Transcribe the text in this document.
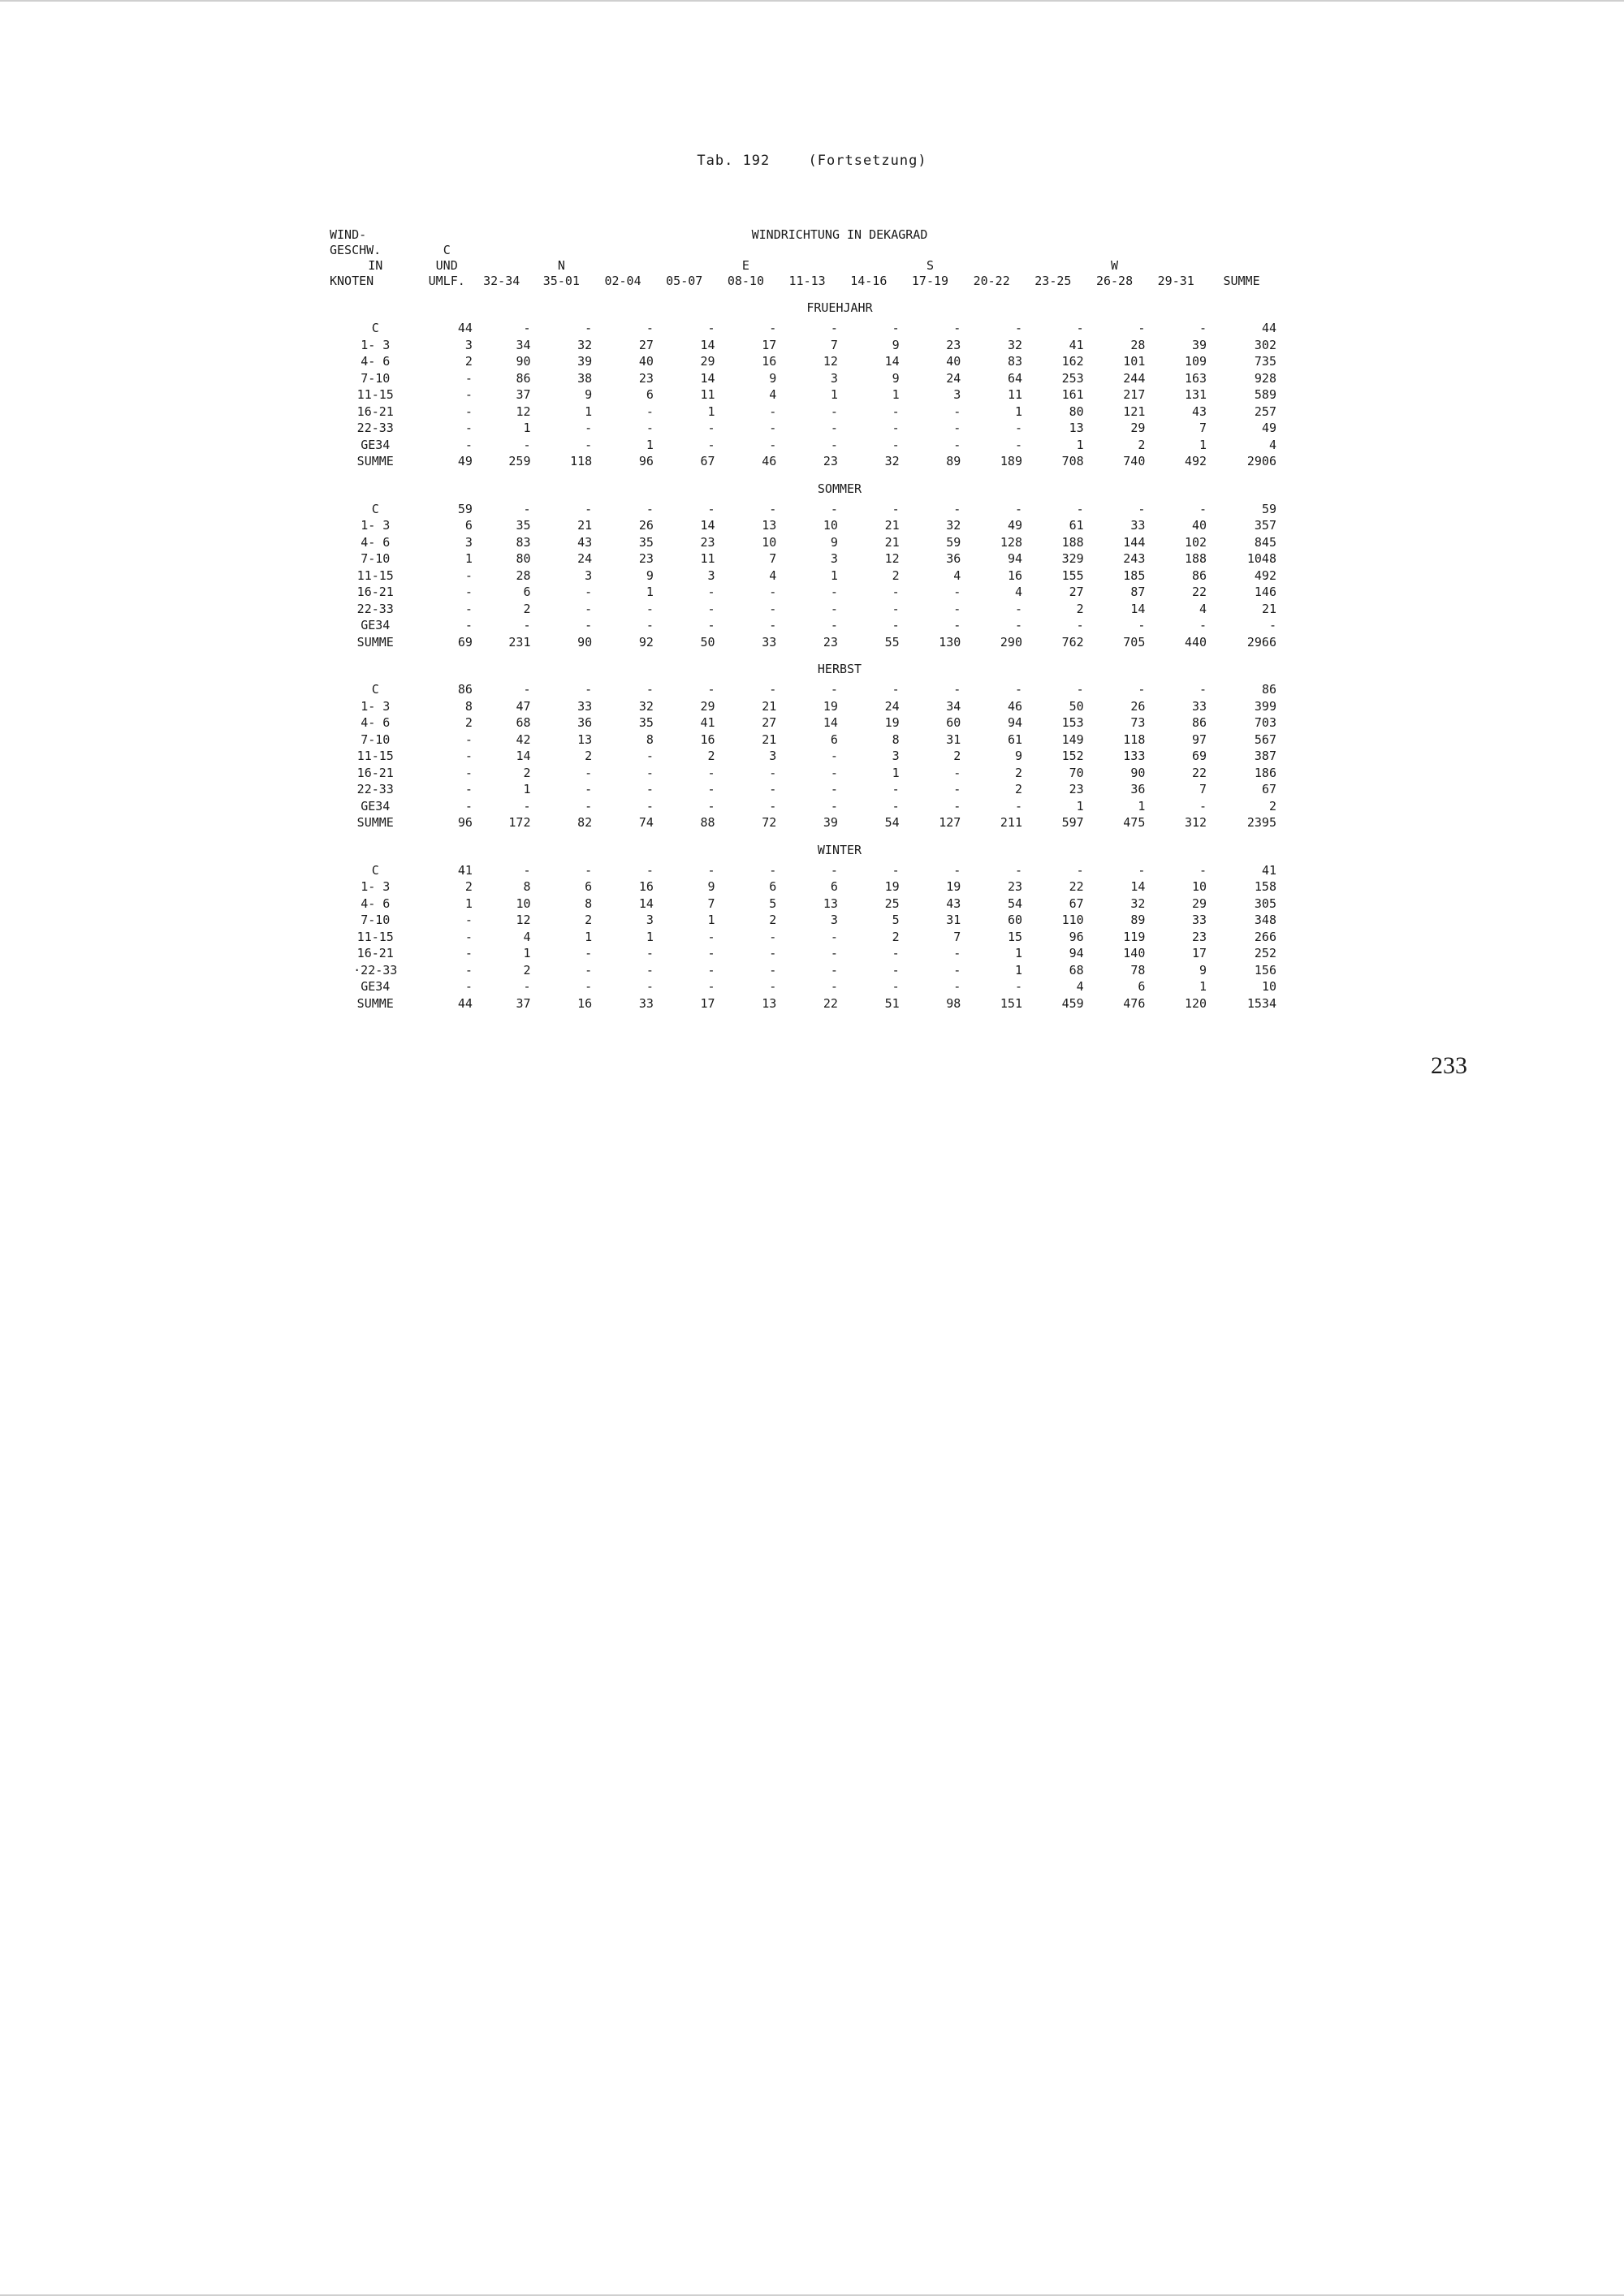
Tab. 192	(Fortsetzung)
WIND-		WINDRICHTUNG IN DEKAGRAD												
GESCHW.	C													
IN	UND		N			E			S			W		
KNOTEN	UMLF.	32-34	35-01	02-04	05-07	08-10	11-13	14-16	17-19	20-22	23-25	26-28	29-31	SUMME
		FRUEHJAHR												
C	44	-	-	-	-	-	-	-	-	-	-	-	-	44
1- 3	3	34	32	27	14	17	7	9	23	32	41	28	39	302
4- 6	2	90	39	40	29	16	12	14	40	83	162	101	109	735
7-10	-	86	38	23	14	9	3	9	24	64	253	244	163	928
11-15	-	37	9	6	11	4	1	1	3	11	161	217	131	589
16-21	-	12	1	-	1	-	-	-	-	1	80	121	43	257
22-33	-	1	-	-	-	-	-	-	-	-	13	29	7	49
GE34	-	-	-	1	-	-	-	-	-	-	1	2	1	4
SUMME	49	259	118	96	67	46	23	32	89	189	708	740	492	2906
		SOMMER												
C	59	-	-	-	-	-	-	-	-	-	-	-	-	59
1- 3	6	35	21	26	14	13	10	21	32	49	61	33	40	357
4- 6	3	83	43	35	23	10	9	21	59	128	188	144	102	845
7-10	1	80	24	23	11	7	3	12	36	94	329	243	188	1048
11-15	-	28	3	9	3	4	1	2	4	16	155	185	86	492
16-21	-	6	-	1	-	-	-	-	-	4	27	87	22	146
22-33	-	2	-	-	-	-	-	-	-	-	2	14	4	21
GE34	-	-	-	-	-	-	-	-	-	-	-	-	-	-
SUMME	69	231	90	92	50	33	23	55	130	290	762	705	440	2966
		HERBST												
C	86	-	-	-	-	-	-	-	-	-	-	-	-	86
1- 3	8	47	33	32	29	21	19	24	34	46	50	26	33	399
4- 6	2	68	36	35	41	27	14	19	60	94	153	73	86	703
7-10	-	42	13	8	16	21	6	8	31	61	149	118	97	567
11-15	-	14	2	-	2	3	-	3	2	9	152	133	69	387
16-21	-	2	-	-	-	-	-	1	-	2	70	90	22	186
22-33	-	1	-	-	-	-	-	-	-	2	23	36	7	67
GE34	-	-	-	-	-	-	-	-	-	-	1	1	-	2
SUMME	96	172	82	74	88	72	39	54	127	211	597	475	312	2395
		WINTER												
C	41	-	-	-	-	-	-	-	-	-	-	-	-	41
1- 3	2	8	6	16	9	6	6	19	19	23	22	14	10	158
4- 6	1	10	8	14	7	5	13	25	43	54	67	32	29	305
7-10	-	12	2	3	1	2	3	5	31	60	110	89	33	348
11-15	-	4	1	1	-	-	-	2	7	15	96	119	23	266
16-21	-	1	-	-	-	-	-	-	-	1	94	140	17	252
·22-33	-	2	-	-	-	-	-	-	-	1	68	78	9	156
GE34	-	-	-	-	-	-	-	-	-	-	4	6	1	10
SUMME	44	37	16	33	17	13	22	51	98	151	459	476	120	1534
233
